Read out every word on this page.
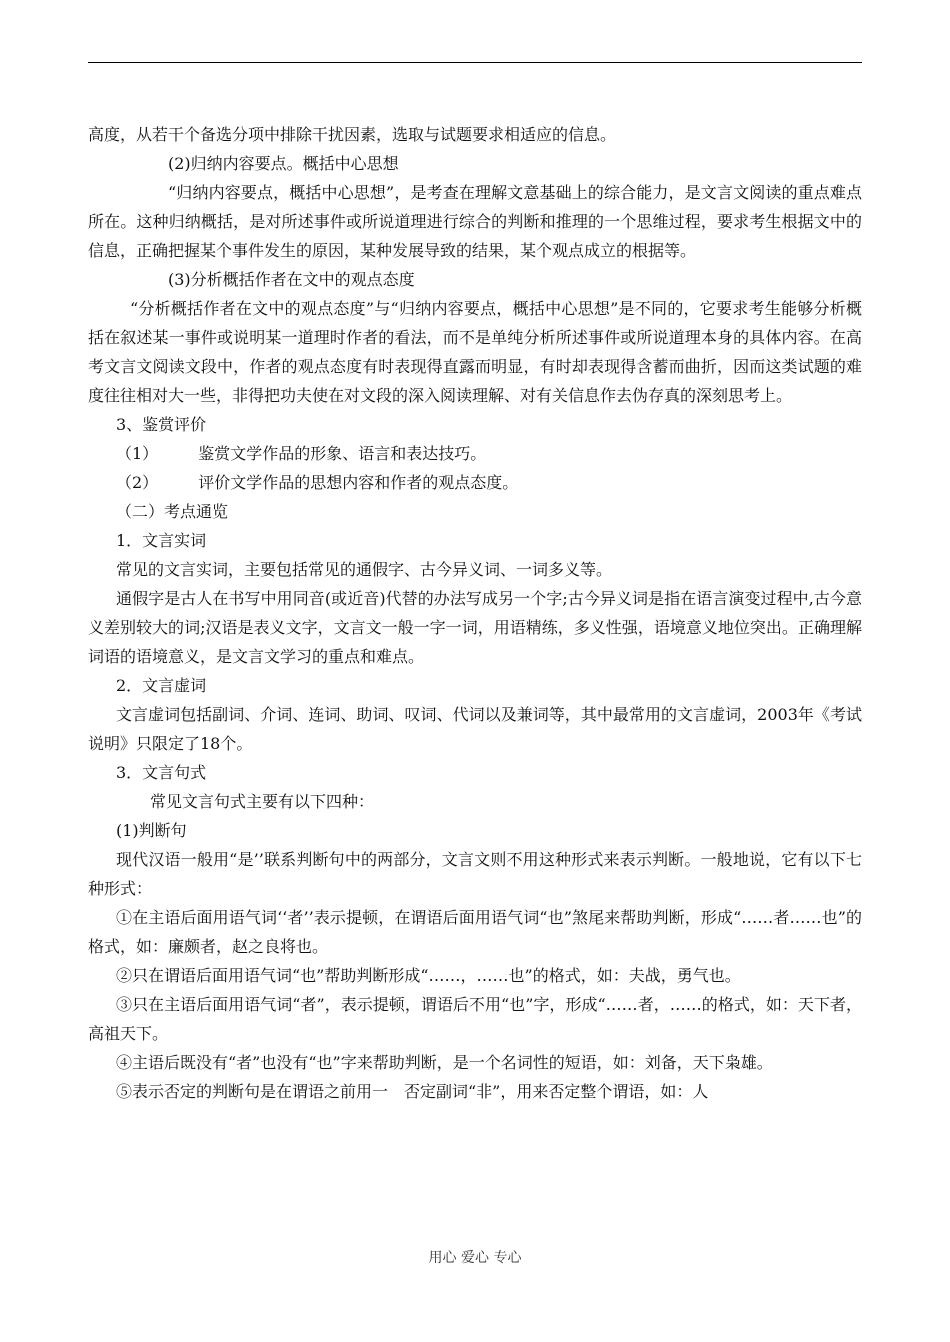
高度，从若干个备选分项中排除干扰因素，选取与试题要求相适应的信息。

(2)归纳内容要点。概括中心思想

“归纳内容要点，概括中心思想”，是考查在理解文意基础上的综合能力，是文言文阅读的重点难点所在。这种归纳概括，是对所述事件或所说道理进行综合的判断和推理的一个思维过程，要求考生根据文中的信息，正确把握某个事件发生的原因，某种发展导致的结果，某个观点成立的根据等。

(3)分析概括作者在文中的观点态度

“分析概括作者在文中的观点态度”与“归纳内容要点，概括中心思想”是不同的，它要求考生能够分析概括在叙述某一事件或说明某一道理时作者的看法，而不是单纯分析所述事件或所说道理本身的具体内容。在高考文言文阅读文段中，作者的观点态度有时表现得直露而明显，有时却表现得含蓄而曲折，因而这类试题的难度往往相对大一些，非得把功夫使在对文段的深入阅读理解、对有关信息作去伪存真的深刻思考上。

3、鉴赏评价

（1）	鉴赏文学作品的形象、语言和表达技巧。

（2）	评价文学作品的思想内容和作者的观点态度。

（二）考点通览

1．文言实词

常见的文言实词，主要包括常见的通假字、古今异义词、一词多义等。

通假字是古人在书写中用同音(或近音)代替的办法写成另一个字;古今异义词是指在语言演变过程中,古今意义差别较大的词;汉语是表义文字，文言文一般一字一词，用语精练，多义性强，语境意义地位突出。正确理解词语的语境意义，是文言文学习的重点和难点。

2．文言虚词

文言虚词包括副词、介词、连词、助词、叹词、代词以及兼词等，其中最常用的文言虚词，2003年《考试说明》只限定了18个。

3．文言句式

常见文言句式主要有以下四种：

(1)判断句

现代汉语一般用“是’’联系判断句中的两部分，文言文则不用这种形式来表示判断。一般地说，它有以下七种形式：

①在主语后面用语气词‘‘者’’表示提顿，在谓语后面用语气词“也”煞尾来帮助判断，形成“……者……也”的格式，如：廉颇者，赵之良将也。

②只在谓语后面用语气词“也”帮助判断形成“……，……也”的格式，如：夫战，勇气也。

③只在主语后面用语气词“者”，表示提顿，谓语后不用“也”字，形成“……者，……的格式，如：天下者，高祖天下。

④主语后既没有“者”也没有“也”字来帮助判断，是一个名词性的短语，如：刘备，天下枭雄。

⑤表示否定的判断句是在谓语之前用一　否定副词“非”，用来否定整个谓语，如：人

用心 爱心 专心
